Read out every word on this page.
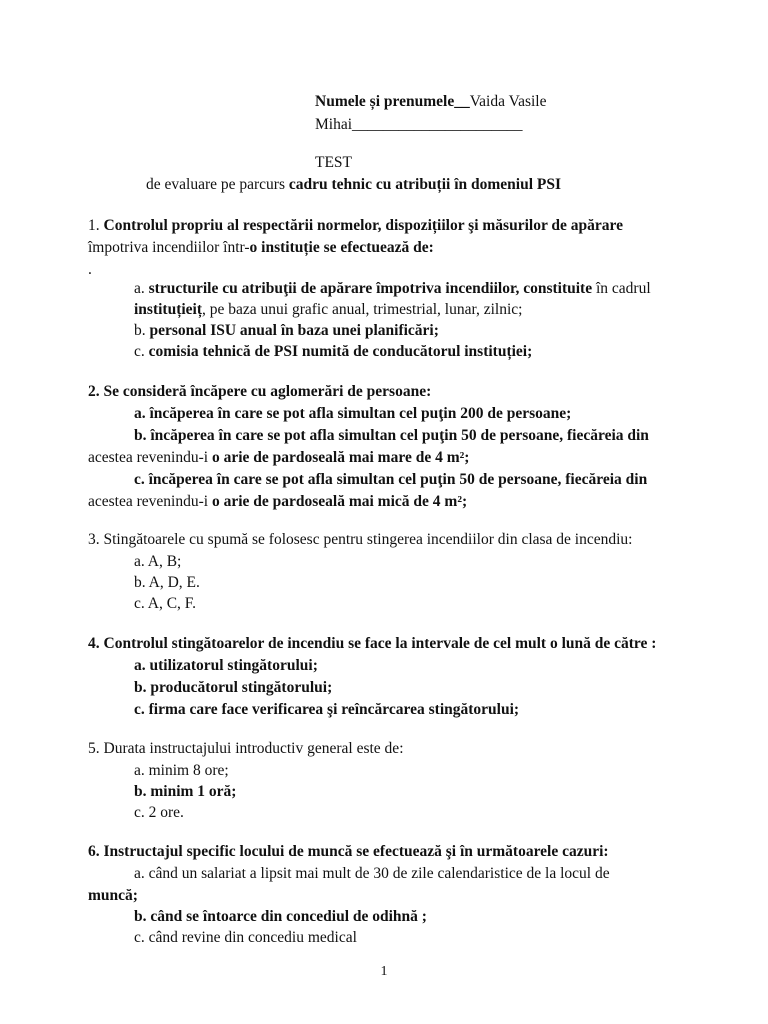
Numele și prenumele__Vaida Vasile
Mihai______________________
TEST
de evaluare pe parcurs cadru tehnic cu atribuții în domeniul PSI
1. Controlul propriu al respectării normelor, dispozițiilor şi măsurilor de apărare
împotriva incendiilor într-o instituție se efectuează de:
.
a. structurile cu atribuţii de apărare împotriva incendiilor, constituite în cadrul
instituțieiț, pe baza unui grafic anual, trimestrial, lunar, zilnic;
b. personal ISU anual în baza unei planificări;
c. comisia tehnică de PSI numită de conducătorul instituției;
2. Se consideră încăpere cu aglomerări de persoane:
a. încăperea în care se pot afla simultan cel puţin 200 de persoane;
b. încăperea în care se pot afla simultan cel puţin 50 de persoane, fiecăreia din
acestea revenindu-i o arie de pardoseală mai mare de 4 m²;
c. încăperea în care se pot afla simultan cel puţin 50 de persoane, fiecăreia din
acestea revenindu-i o arie de pardoseală mai mică de 4 m²;
3. Stingătoarele cu spumă se folosesc pentru stingerea incendiilor din clasa de incendiu:
a. A, B;
b. A, D, E.
c. A, C, F.
4. Controlul stingătoarelor de incendiu se face la intervale de cel mult o lună de către :
a. utilizatorul stingătorului;
b. producătorul stingătorului;
c. firma care face verificarea şi reîncărcarea stingătorului;
5. Durata instructajului introductiv general este de:
a. minim 8 ore;
b. minim 1 oră;
c. 2 ore.
6. Instructajul specific locului de muncă se efectuează şi în următoarele cazuri:
a. când un salariat a lipsit mai mult de 30 de zile calendaristice de la locul de
muncă;
b. când se întoarce din concediul de odihnă ;
c. când revine din concediu medical
1
